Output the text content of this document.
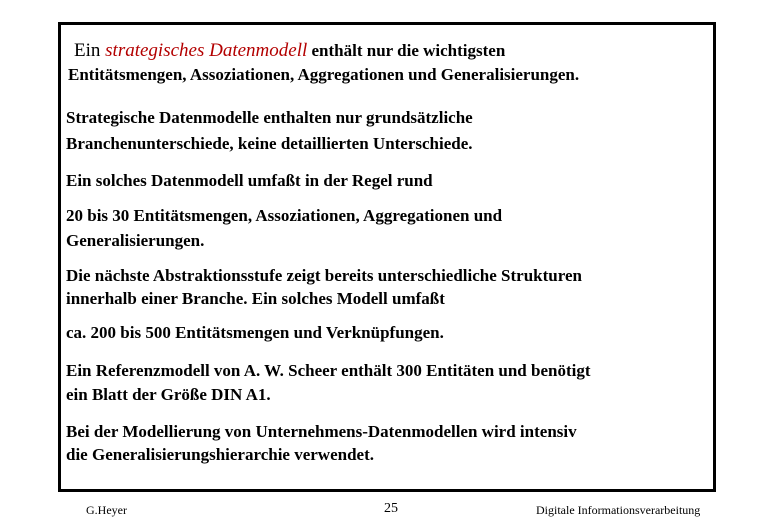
Ein strategisches Datenmodell enthält nur die wichtigsten
Entitätsmengen, Assoziationen, Aggregationen und Generalisierungen.
Strategische Datenmodelle enthalten nur grundsätzliche
Branchenunterschiede, keine detaillierten Unterschiede.
Ein solches Datenmodell umfaßt in der Regel rund
20 bis 30 Entitätsmengen, Assoziationen, Aggregationen und
Generalisierungen.
Die nächste Abstraktionsstufe zeigt bereits unterschiedliche Strukturen
innerhalb einer Branche. Ein solches Modell umfaßt
ca. 200 bis 500 Entitätsmengen und Verknüpfungen.
Ein Referenzmodell von A. W. Scheer enthält 300 Entitäten und benötigt
ein Blatt der Größe DIN A1.
Bei der Modellierung von Unternehmens-Datenmodellen wird intensiv
die Generalisierungshierarchie verwendet.
G.Heyer	25	Digitale Informationsverarbeitung
